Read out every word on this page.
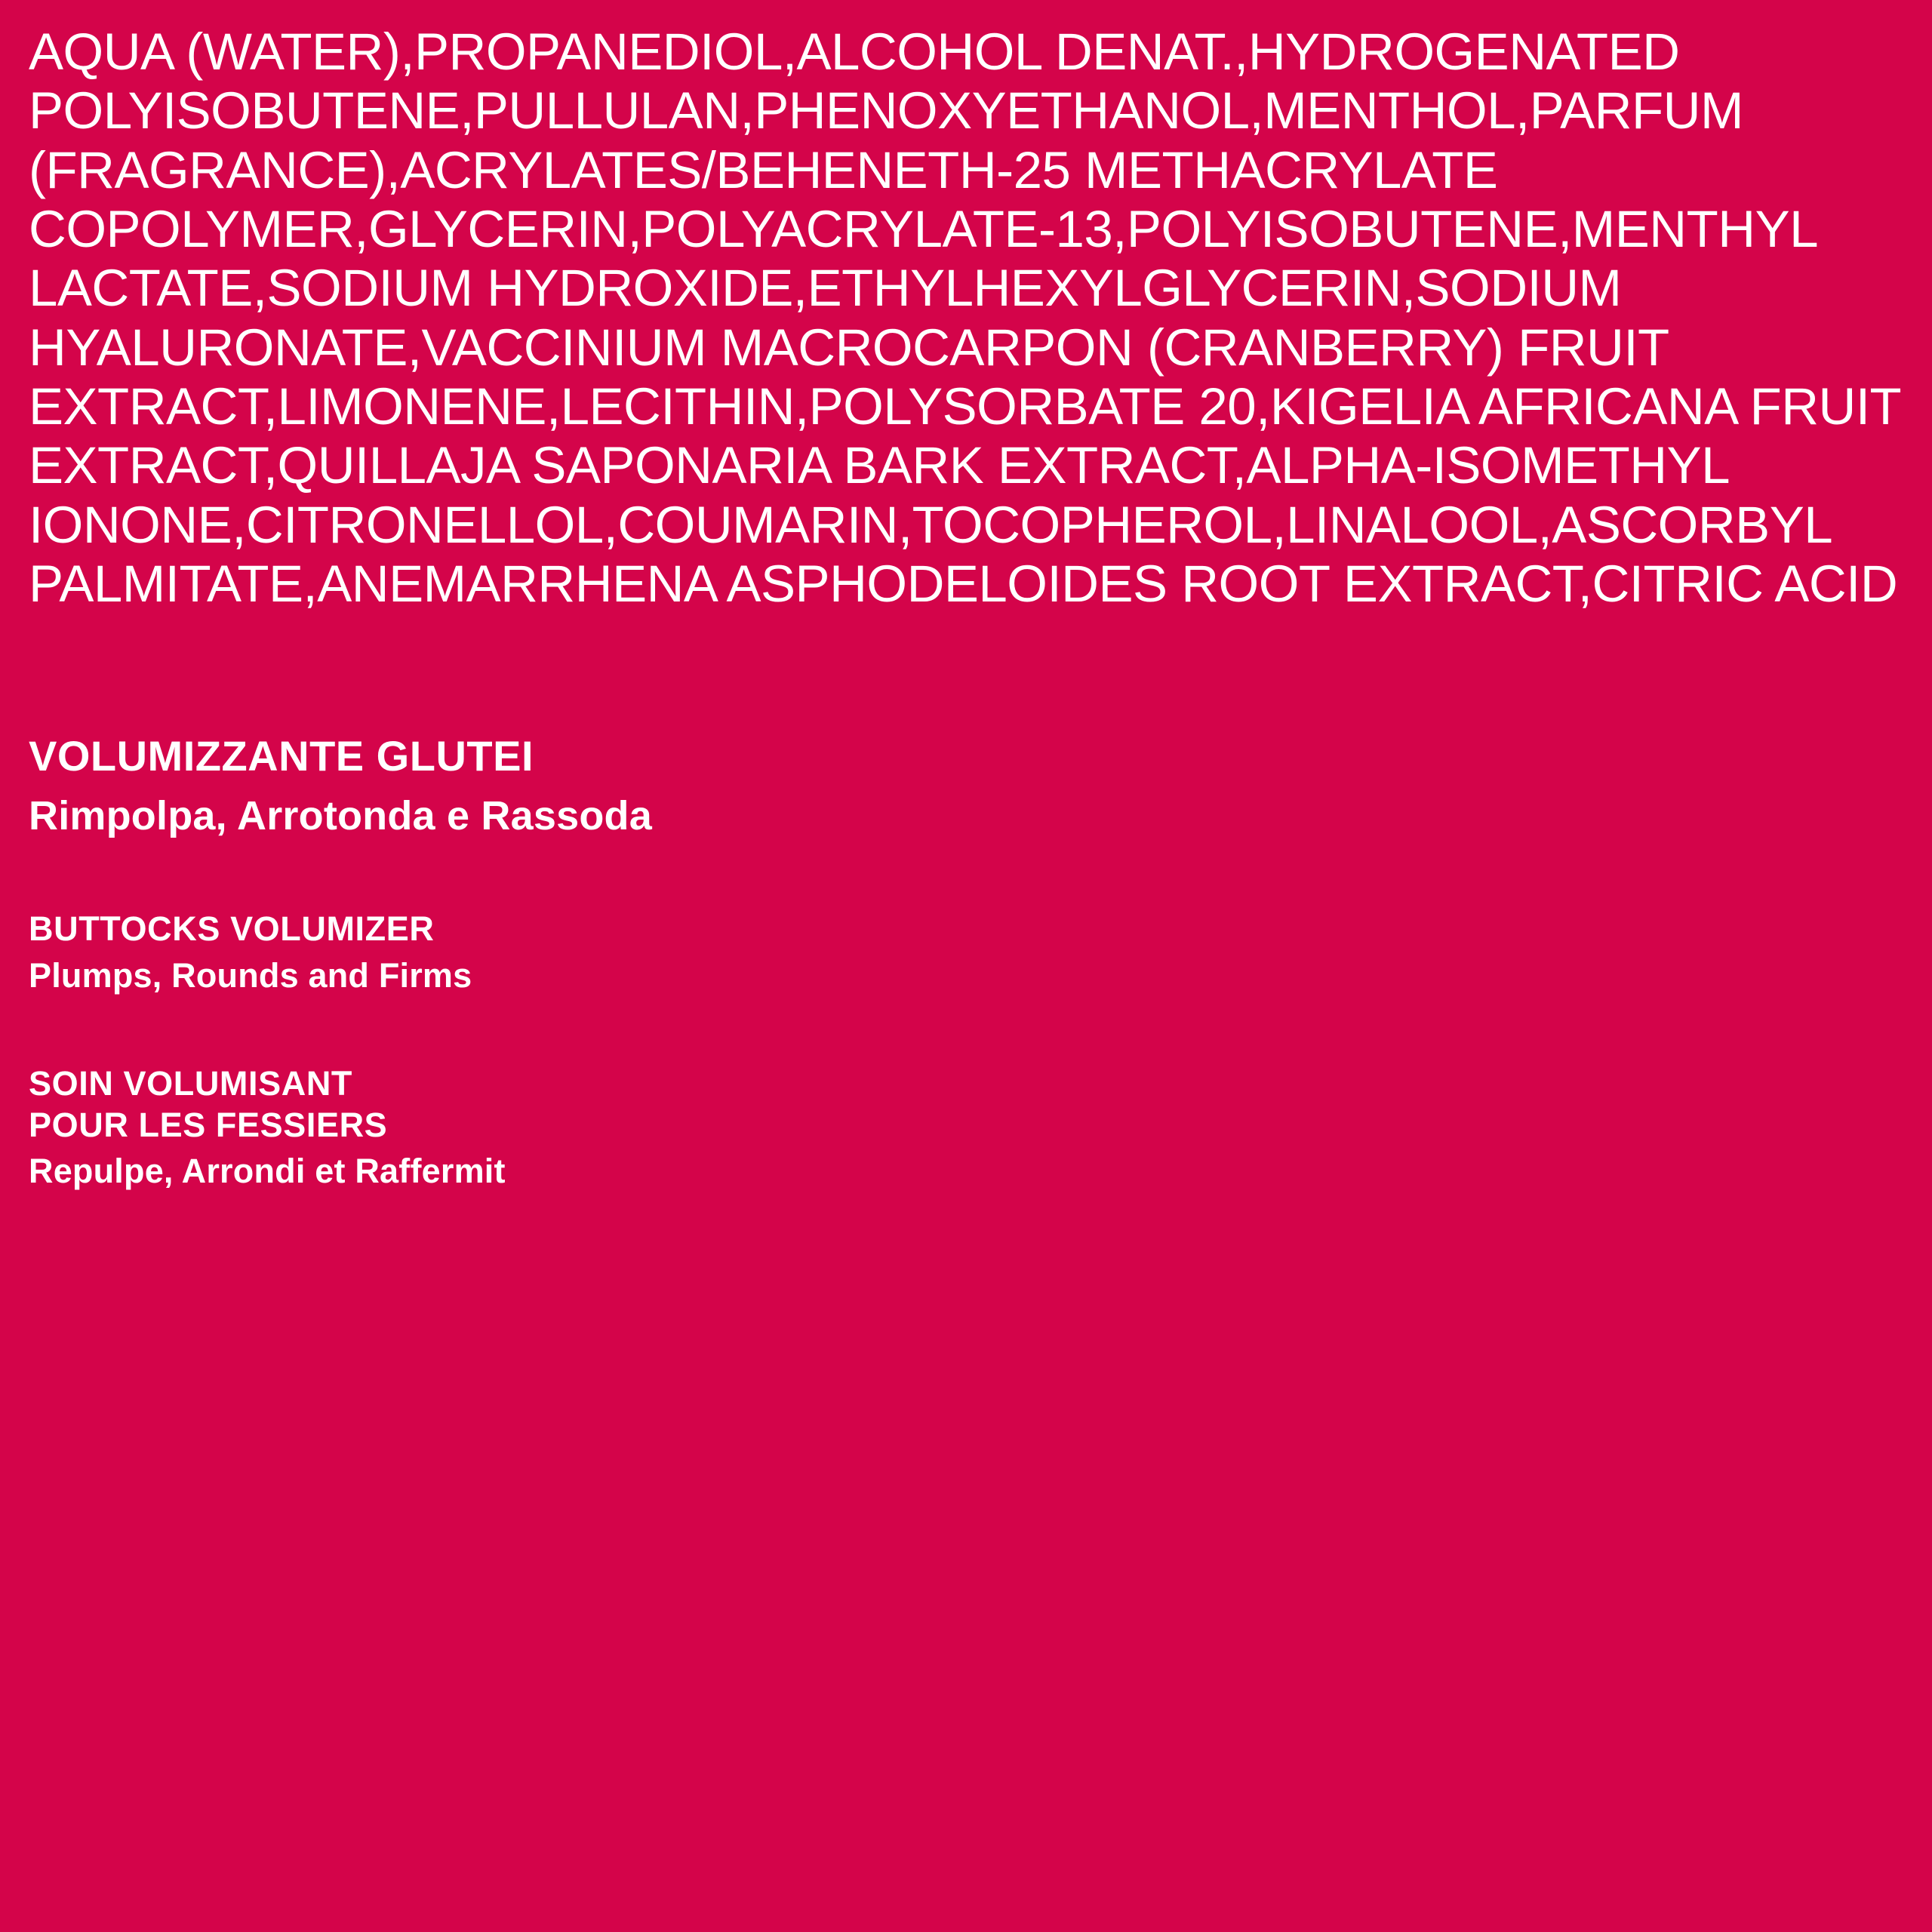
AQUA (WATER),PROPANEDIOL,ALCOHOL DENAT.,HYDROGENATED POLYISOBUTENE,PULLULAN,PHENOXYETHANOL,MENTHOL,PARFUM (FRAGRANCE),ACRYLATES/BEHENETH-25 METHACRYLATE COPOLYMER,GLYCERIN,POLYACRYLATE-13,POLYISOBUTENE,MENTHYL LACTATE,SODIUM HYDROXIDE,ETHYLHEXYLGLYCERIN,SODIUM HYALURONATE,VACCINIUM MACROCARPON (CRANBERRY) FRUIT EXTRACT,LIMONENE,LECITHIN,POLYSORBATE 20,KIGELIA AFRICANA FRUIT EXTRACT,QUILLAJA SAPONARIA BARK EXTRACT,ALPHA-ISOMETHYL IONONE,CITRONELLOL,COUMARIN,TOCOPHEROL,LINALOOL,ASCORBYL PALMITATE,ANEMARRHENA ASPHODELOIDES ROOT EXTRACT,CITRIC ACID

VOLUMIZZANTE GLUTEI
Rimpolpa, Arrotonda e Rassoda
BUTTOCKS VOLUMIZER
Plumps, Rounds and Firms
SOIN VOLUMISANT
POUR LES FESSIERS
Repulpe, Arrondi et Raffermit
